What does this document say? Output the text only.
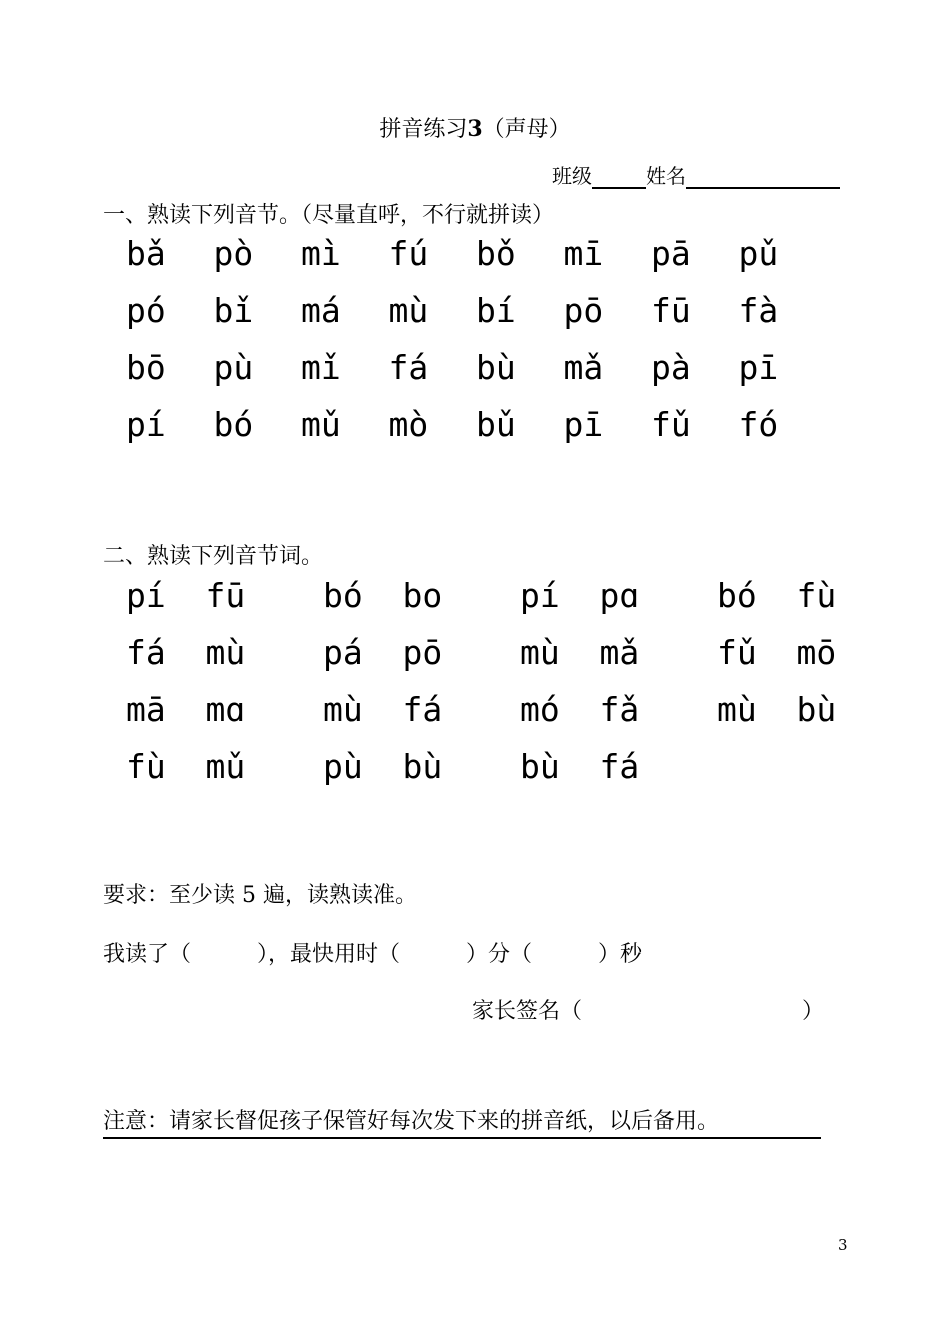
拼音练习3（声母）
班级	姓名
一、熟读下列音节。（尽量直呼，不行就拼读）
bǎ	pò	mì	fú	bǒ	mī	pā	pǔ
pó	bǐ	má	mù	bí	pō	fū	fà
bō	pù	mǐ	fá	bù	mǎ	pà	pī
pí	bó	mǔ	mò	bǔ	pī	fǔ	fó
二、熟读下列音节词。
pí  fū	bó  bo	pí  pɑ	bó  fù
fá  mù	pá  pō	mù  mǎ	fǔ  mō
mā  mɑ	mù  fá	mó  fǎ	mù  bù
fù  mǔ	pù  bù	bù  fá
要求：至少读 5 遍，读熟读准。
我读了（　　　），最快用时（　　　）分（　　　）秒
家长签名（　　　　　　　　　　）
注意：请家长督促孩子保管好每次发下来的拼音纸，以后备用。
3
